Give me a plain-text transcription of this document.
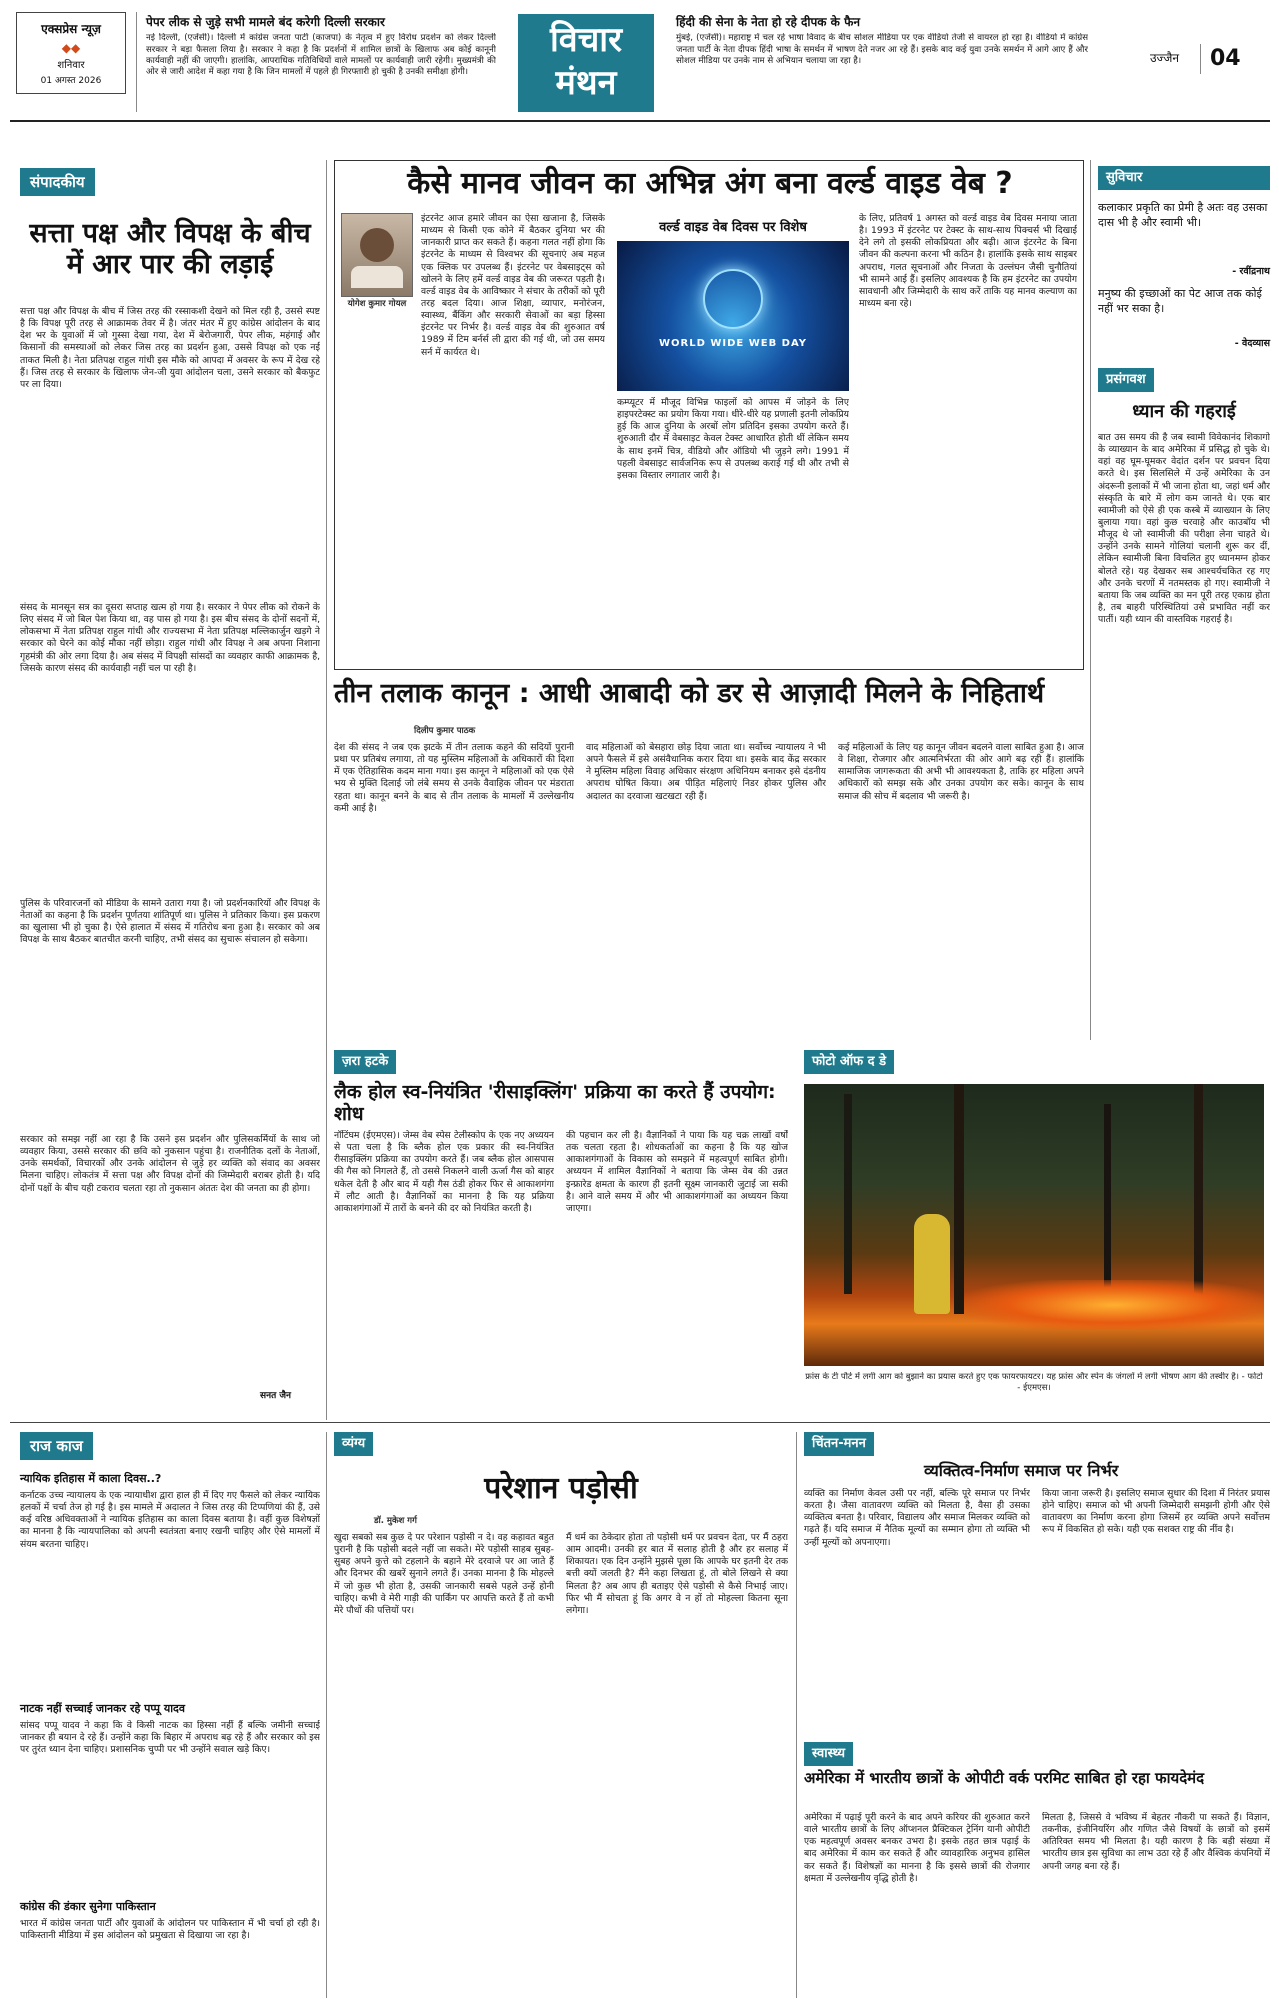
एक्सप्रेस न्यूज़
◆◆
शनिवार
01 अगस्त 2026
पेपर लीक से जुड़े सभी मामले बंद करेगी दिल्ली सरकार
नई दिल्ली, (एजेंसी)। दिल्ली में कांग्रेस जनता पार्टी (काजपा) के नेतृत्व में हुए विरोध प्रदर्शन को लेकर दिल्ली सरकार ने बड़ा फैसला लिया है। सरकार ने कहा है कि प्रदर्शनों में शामिल छात्रों के खिलाफ अब कोई कानूनी कार्यवाही नहीं की जाएगी। हालांकि, आपराधिक गतिविधियों वाले मामलों पर कार्यवाही जारी रहेगी। मुख्यमंत्री की ओर से जारी आदेश में कहा गया है कि जिन मामलों में पहले ही गिरफ्तारी हो चुकी है उनकी समीक्षा होगी।
विचार
मंथन
हिंदी की सेना के नेता हो रहे दीपक के फैन
मुंबई, (एजेंसी)। महाराष्ट्र में चल रहे भाषा विवाद के बीच सोशल मीडिया पर एक वीडियो तेजी से वायरल हो रहा है। वीडियो में कांग्रेस जनता पार्टी के नेता दीपक हिंदी भाषा के समर्थन में भाषण देते नजर आ रहे हैं। इसके बाद कई युवा उनके समर्थन में आगे आए हैं और सोशल मीडिया पर उनके नाम से अभियान चलाया जा रहा है।	उज्जैन 04
संपादकीय
सत्ता पक्ष और विपक्ष के बीच में आर पार की लड़ाई
सत्ता पक्ष और विपक्ष के बीच में जिस तरह की रस्साकशी देखने को मिल रही है, उससे स्पष्ट है कि विपक्ष पूरी तरह से आक्रामक तेवर में है। जंतर मंतर में हुए कांग्रेस आंदोलन के बाद देश भर के युवाओं में जो गुस्सा देखा गया, देश में बेरोजगारी, पेपर लीक, महंगाई और किसानों की समस्याओं को लेकर जिस तरह का प्रदर्शन हुआ, उससे विपक्ष को एक नई ताकत मिली है। नेता प्रतिपक्ष राहुल गांधी इस मौके को आपदा में अवसर के रूप में देख रहे हैं। जिस तरह से सरकार के खिलाफ जेन-जी युवा आंदोलन चला, उसने सरकार को बैकफुट पर ला दिया।
संसद के मानसून सत्र का दूसरा सप्ताह खत्म हो गया है। सरकार ने पेपर लीक को रोकने के लिए संसद में जो बिल पेश किया था, वह पास हो गया है। इस बीच संसद के दोनों सदनों में, लोकसभा में नेता प्रतिपक्ष राहुल गांधी और राज्यसभा में नेता प्रतिपक्ष मल्लिकार्जुन खड़गे ने सरकार को घेरने का कोई मौका नहीं छोड़ा। राहुल गांधी और विपक्ष ने अब अपना निशाना गृहमंत्री की ओर लगा दिया है। अब संसद में विपक्षी सांसदों का व्यवहार काफी आक्रामक है, जिसके कारण संसद की कार्यवाही नहीं चल पा रही है।
पुलिस के परिवारजनों को मीडिया के सामने उतारा गया है। जो प्रदर्शनकारियों और विपक्ष के नेताओं का कहना है कि प्रदर्शन पूर्णतया शांतिपूर्ण था। पुलिस ने प्रतिकार किया। इस प्रकरण का खुलासा भी हो चुका है। ऐसे हालात में संसद में गतिरोध बना हुआ है। सरकार को अब विपक्ष के साथ बैठकर बातचीत करनी चाहिए, तभी संसद का सुचारू संचालन हो सकेगा।
सरकार को समझ नहीं आ रहा है कि उसने इस प्रदर्शन और पुलिसकर्मियों के साथ जो व्यवहार किया, उससे सरकार की छवि को नुकसान पहुंचा है। राजनीतिक दलों के नेताओं, उनके समर्थकों, विचारकों और उनके आंदोलन से जुड़े हर व्यक्ति को संवाद का अवसर मिलना चाहिए। लोकतंत्र में सत्ता पक्ष और विपक्ष दोनों की जिम्मेदारी बराबर होती है। यदि दोनों पक्षों के बीच यही टकराव चलता रहा तो नुकसान अंततः देश की जनता का ही होगा।
सनत जैन
कैसे मानव जीवन का अभिन्न अंग बना वर्ल्ड वाइड वेब ?
योगेश कुमार गोयल
इंटरनेट आज हमारे जीवन का ऐसा खजाना है, जिसके माध्यम से किसी एक कोने में बैठकर दुनिया भर की जानकारी प्राप्त कर सकते हैं। कहना गलत नहीं होगा कि इंटरनेट के माध्यम से विश्वभर की सूचनाएं अब महज एक क्लिक पर उपलब्ध हैं। इंटरनेट पर वेबसाइट्स को खोलने के लिए हमें वर्ल्ड वाइड वेब की जरूरत पड़ती है। वर्ल्ड वाइड वेब के आविष्कार ने संचार के तरीकों को पूरी तरह बदल दिया। आज शिक्षा, व्यापार, मनोरंजन, स्वास्थ्य, बैंकिंग और सरकारी सेवाओं का बड़ा हिस्सा इंटरनेट पर निर्भर है। वर्ल्ड वाइड वेब की शुरुआत वर्ष 1989 में टिम बर्नर्स ली द्वारा की गई थी, जो उस समय सर्न में कार्यरत थे।
वर्ल्ड वाइड वेब दिवस पर विशेष
WORLD WIDE WEB DAY
कम्प्यूटर में मौजूद विभिन्न फाइलों को आपस में जोड़ने के लिए हाइपरटेक्स्ट का प्रयोग किया गया। धीरे-धीरे यह प्रणाली इतनी लोकप्रिय हुई कि आज दुनिया के अरबों लोग प्रतिदिन इसका उपयोग करते हैं। शुरुआती दौर में वेबसाइट केवल टेक्स्ट आधारित होती थीं लेकिन समय के साथ इनमें चित्र, वीडियो और ऑडियो भी जुड़ने लगे। 1991 में पहली वेबसाइट सार्वजनिक रूप से उपलब्ध कराई गई थी और तभी से इसका विस्तार लगातार जारी है।
के लिए, प्रतिवर्ष 1 अगस्त को वर्ल्ड वाइड वेब दिवस मनाया जाता है। 1993 में इंटरनेट पर टेक्स्ट के साथ-साथ पिक्चर्स भी दिखाई देने लगे तो इसकी लोकप्रियता और बढ़ी। आज इंटरनेट के बिना जीवन की कल्पना करना भी कठिन है। हालांकि इसके साथ साइबर अपराध, गलत सूचनाओं और निजता के उल्लंघन जैसी चुनौतियां भी सामने आई हैं। इसलिए आवश्यक है कि हम इंटरनेट का उपयोग सावधानी और जिम्मेदारी के साथ करें ताकि यह मानव कल्याण का माध्यम बना रहे।
तीन तलाक कानून : आधी आबादी को डर से आज़ादी मिलने के निहितार्थ
दिलीप कुमार पाठक
देश की संसद ने जब एक झटके में तीन तलाक कहने की सदियों पुरानी प्रथा पर प्रतिबंध लगाया, तो यह मुस्लिम महिलाओं के अधिकारों की दिशा में एक ऐतिहासिक कदम माना गया। इस कानून ने महिलाओं को एक ऐसे भय से मुक्ति दिलाई जो लंबे समय से उनके वैवाहिक जीवन पर मंडराता रहता था। कानून बनने के बाद से तीन तलाक के मामलों में उल्लेखनीय कमी आई है।
वाद महिलाओं को बेसहारा छोड़ दिया जाता था। सर्वोच्च न्यायालय ने भी अपने फैसले में इसे असंवैधानिक करार दिया था। इसके बाद केंद्र सरकार ने मुस्लिम महिला विवाह अधिकार संरक्षण अधिनियम बनाकर इसे दंडनीय अपराध घोषित किया। अब पीड़ित महिलाएं निडर होकर पुलिस और अदालत का दरवाजा खटखटा रही हैं।
कई महिलाओं के लिए यह कानून जीवन बदलने वाला साबित हुआ है। आज वे शिक्षा, रोजगार और आत्मनिर्भरता की ओर आगे बढ़ रही हैं। हालांकि सामाजिक जागरूकता की अभी भी आवश्यकता है, ताकि हर महिला अपने अधिकारों को समझ सके और उनका उपयोग कर सके। कानून के साथ समाज की सोच में बदलाव भी जरूरी है।
ज़रा हटके
लैक होल स्व-नियंत्रित 'रीसाइक्लिंग' प्रक्रिया का करते हैं उपयोग: शोध
नॉटिंघम (ईएमएस)। जेम्स वेब स्पेस टेलीस्कोप के एक नए अध्ययन से पता चला है कि ब्लैक होल एक प्रकार की स्व-नियंत्रित रीसाइक्लिंग प्रक्रिया का उपयोग करते हैं। जब ब्लैक होल आसपास की गैस को निगलते हैं, तो उससे निकलने वाली ऊर्जा गैस को बाहर धकेल देती है और बाद में यही गैस ठंडी होकर फिर से आकाशगंगा में लौट आती है। वैज्ञानिकों का मानना है कि यह प्रक्रिया आकाशगंगाओं में तारों के बनने की दर को नियंत्रित करती है।
की पहचान कर ली है। वैज्ञानिकों ने पाया कि यह चक्र लाखों वर्षों तक चलता रहता है। शोधकर्ताओं का कहना है कि यह खोज आकाशगंगाओं के विकास को समझने में महत्वपूर्ण साबित होगी। अध्ययन में शामिल वैज्ञानिकों ने बताया कि जेम्स वेब की उन्नत इन्फ्रारेड क्षमता के कारण ही इतनी सूक्ष्म जानकारी जुटाई जा सकी है। आने वाले समय में और भी आकाशगंगाओं का अध्ययन किया जाएगा।
फोटो ऑफ द डे
फ्रांस के टी पौर्ट में लगी आग को बुझाने का प्रयास करते हुए एक फायरफायटर। यह फ्रांस और स्पेन के जंगलों में लगी भीषण आग की तस्वीर है। - फोटो - ईएमएस।
सुविचार
कलाकार प्रकृति का प्रेमी है अतः वह उसका दास भी है और स्वामी भी।
- रवींद्रनाथ
मनुष्य की इच्छाओं का पेट आज तक कोई नहीं भर सका है।
- वेदव्यास
प्रसंगवश
ध्यान की गहराई
बात उस समय की है जब स्वामी विवेकानंद शिकागो के व्याख्यान के बाद अमेरिका में प्रसिद्ध हो चुके थे। वहां वह घूम-घूमकर वेदांत दर्शन पर प्रवचन दिया करते थे। इस सिलसिले में उन्हें अमेरिका के उन अंदरूनी इलाकों में भी जाना होता था, जहां धर्म और संस्कृति के बारे में लोग कम जानते थे। एक बार स्वामीजी को ऐसे ही एक कस्बे में व्याख्यान के लिए बुलाया गया। वहां कुछ चरवाहे और काउबॉय भी मौजूद थे जो स्वामीजी की परीक्षा लेना चाहते थे। उन्होंने उनके सामने गोलियां चलानी शुरू कर दीं, लेकिन स्वामीजी बिना विचलित हुए ध्यानमग्न होकर बोलते रहे। यह देखकर सब आश्चर्यचकित रह गए और उनके चरणों में नतमस्तक हो गए। स्वामीजी ने बताया कि जब व्यक्ति का मन पूरी तरह एकाग्र होता है, तब बाहरी परिस्थितियां उसे प्रभावित नहीं कर पातीं। यही ध्यान की वास्तविक गहराई है।
राज काज
न्यायिक इतिहास में काला दिवस..?
कर्नाटक उच्च न्यायालय के एक न्यायाधीश द्वारा हाल ही में दिए गए फैसले को लेकर न्यायिक हलकों में चर्चा तेज हो गई है। इस मामले में अदालत ने जिस तरह की टिप्पणियां की हैं, उसे कई वरिष्ठ अधिवक्ताओं ने न्यायिक इतिहास का काला दिवस बताया है। वहीं कुछ विशेषज्ञों का मानना है कि न्यायपालिका को अपनी स्वतंत्रता बनाए रखनी चाहिए और ऐसे मामलों में संयम बरतना चाहिए।
नाटक नहीं सच्चाई जानकर रहे पप्पू यादव
सांसद पप्पू यादव ने कहा कि वे किसी नाटक का हिस्सा नहीं हैं बल्कि जमीनी सच्चाई जानकर ही बयान दे रहे हैं। उन्होंने कहा कि बिहार में अपराध बढ़ रहे हैं और सरकार को इस पर तुरंत ध्यान देना चाहिए। प्रशासनिक चुप्पी पर भी उन्होंने सवाल खड़े किए।
कांग्रेस की डंकार सुनेगा पाकिस्तान
भारत में कांग्रेस जनता पार्टी और युवाओं के आंदोलन पर पाकिस्तान में भी चर्चा हो रही है। पाकिस्तानी मीडिया में इस आंदोलन को प्रमुखता से दिखाया जा रहा है।
व्यंग्य
परेशान पड़ोसी
डॉ. मुकेश गर्ग
खुदा सबको सब कुछ दे पर परेशान पड़ोसी न दे। वह कहावत बहुत पुरानी है कि पड़ोसी बदले नहीं जा सकते। मेरे पड़ोसी साहब सुबह-सुबह अपने कुत्ते को टहलाने के बहाने मेरे दरवाजे पर आ जाते हैं और दिनभर की खबरें सुनाने लगते हैं। उनका मानना है कि मोहल्ले में जो कुछ भी होता है, उसकी जानकारी सबसे पहले उन्हें होनी चाहिए। कभी वे मेरी गाड़ी की पार्किंग पर आपत्ति करते हैं तो कभी मेरे पौधों की पत्तियों पर।
मैं धर्म का ठेकेदार होता तो पड़ोसी धर्म पर प्रवचन देता, पर मैं ठहरा आम आदमी। उनकी हर बात में सलाह होती है और हर सलाह में शिकायत। एक दिन उन्होंने मुझसे पूछा कि आपके घर इतनी देर तक बत्ती क्यों जलती है? मैंने कहा लिखता हूं, तो बोले लिखने से क्या मिलता है? अब आप ही बताइए ऐसे पड़ोसी से कैसे निभाई जाए। फिर भी मैं सोचता हूं कि अगर वे न हों तो मोहल्ला कितना सूना लगेगा।
चिंतन-मनन
व्यक्तित्व-निर्माण समाज पर निर्भर
व्यक्ति का निर्माण केवल उसी पर नहीं, बल्कि पूरे समाज पर निर्भर करता है। जैसा वातावरण व्यक्ति को मिलता है, वैसा ही उसका व्यक्तित्व बनता है। परिवार, विद्यालय और समाज मिलकर व्यक्ति को गढ़ते हैं। यदि समाज में नैतिक मूल्यों का सम्मान होगा तो व्यक्ति भी उन्हीं मूल्यों को अपनाएगा।
किया जाना जरूरी है। इसलिए समाज सुधार की दिशा में निरंतर प्रयास होने चाहिए। समाज को भी अपनी जिम्मेदारी समझनी होगी और ऐसे वातावरण का निर्माण करना होगा जिसमें हर व्यक्ति अपने सर्वोत्तम रूप में विकसित हो सके। यही एक सशक्त राष्ट्र की नींव है।
स्वास्थ्य
अमेरिका में भारतीय छात्रों के ओपीटी वर्क परमिट साबित हो रहा फायदेमंद
अमेरिका में पढ़ाई पूरी करने के बाद अपने करियर की शुरुआत करने वाले भारतीय छात्रों के लिए ऑप्शनल प्रैक्टिकल ट्रेनिंग यानी ओपीटी एक महत्वपूर्ण अवसर बनकर उभरा है। इसके तहत छात्र पढ़ाई के बाद अमेरिका में काम कर सकते हैं और व्यावहारिक अनुभव हासिल कर सकते हैं। विशेषज्ञों का मानना है कि इससे छात्रों की रोजगार क्षमता में उल्लेखनीय वृद्धि होती है।
मिलता है, जिससे वे भविष्य में बेहतर नौकरी पा सकते हैं। विज्ञान, तकनीक, इंजीनियरिंग और गणित जैसे विषयों के छात्रों को इसमें अतिरिक्त समय भी मिलता है। यही कारण है कि बड़ी संख्या में भारतीय छात्र इस सुविधा का लाभ उठा रहे हैं और वैश्विक कंपनियों में अपनी जगह बना रहे हैं।
